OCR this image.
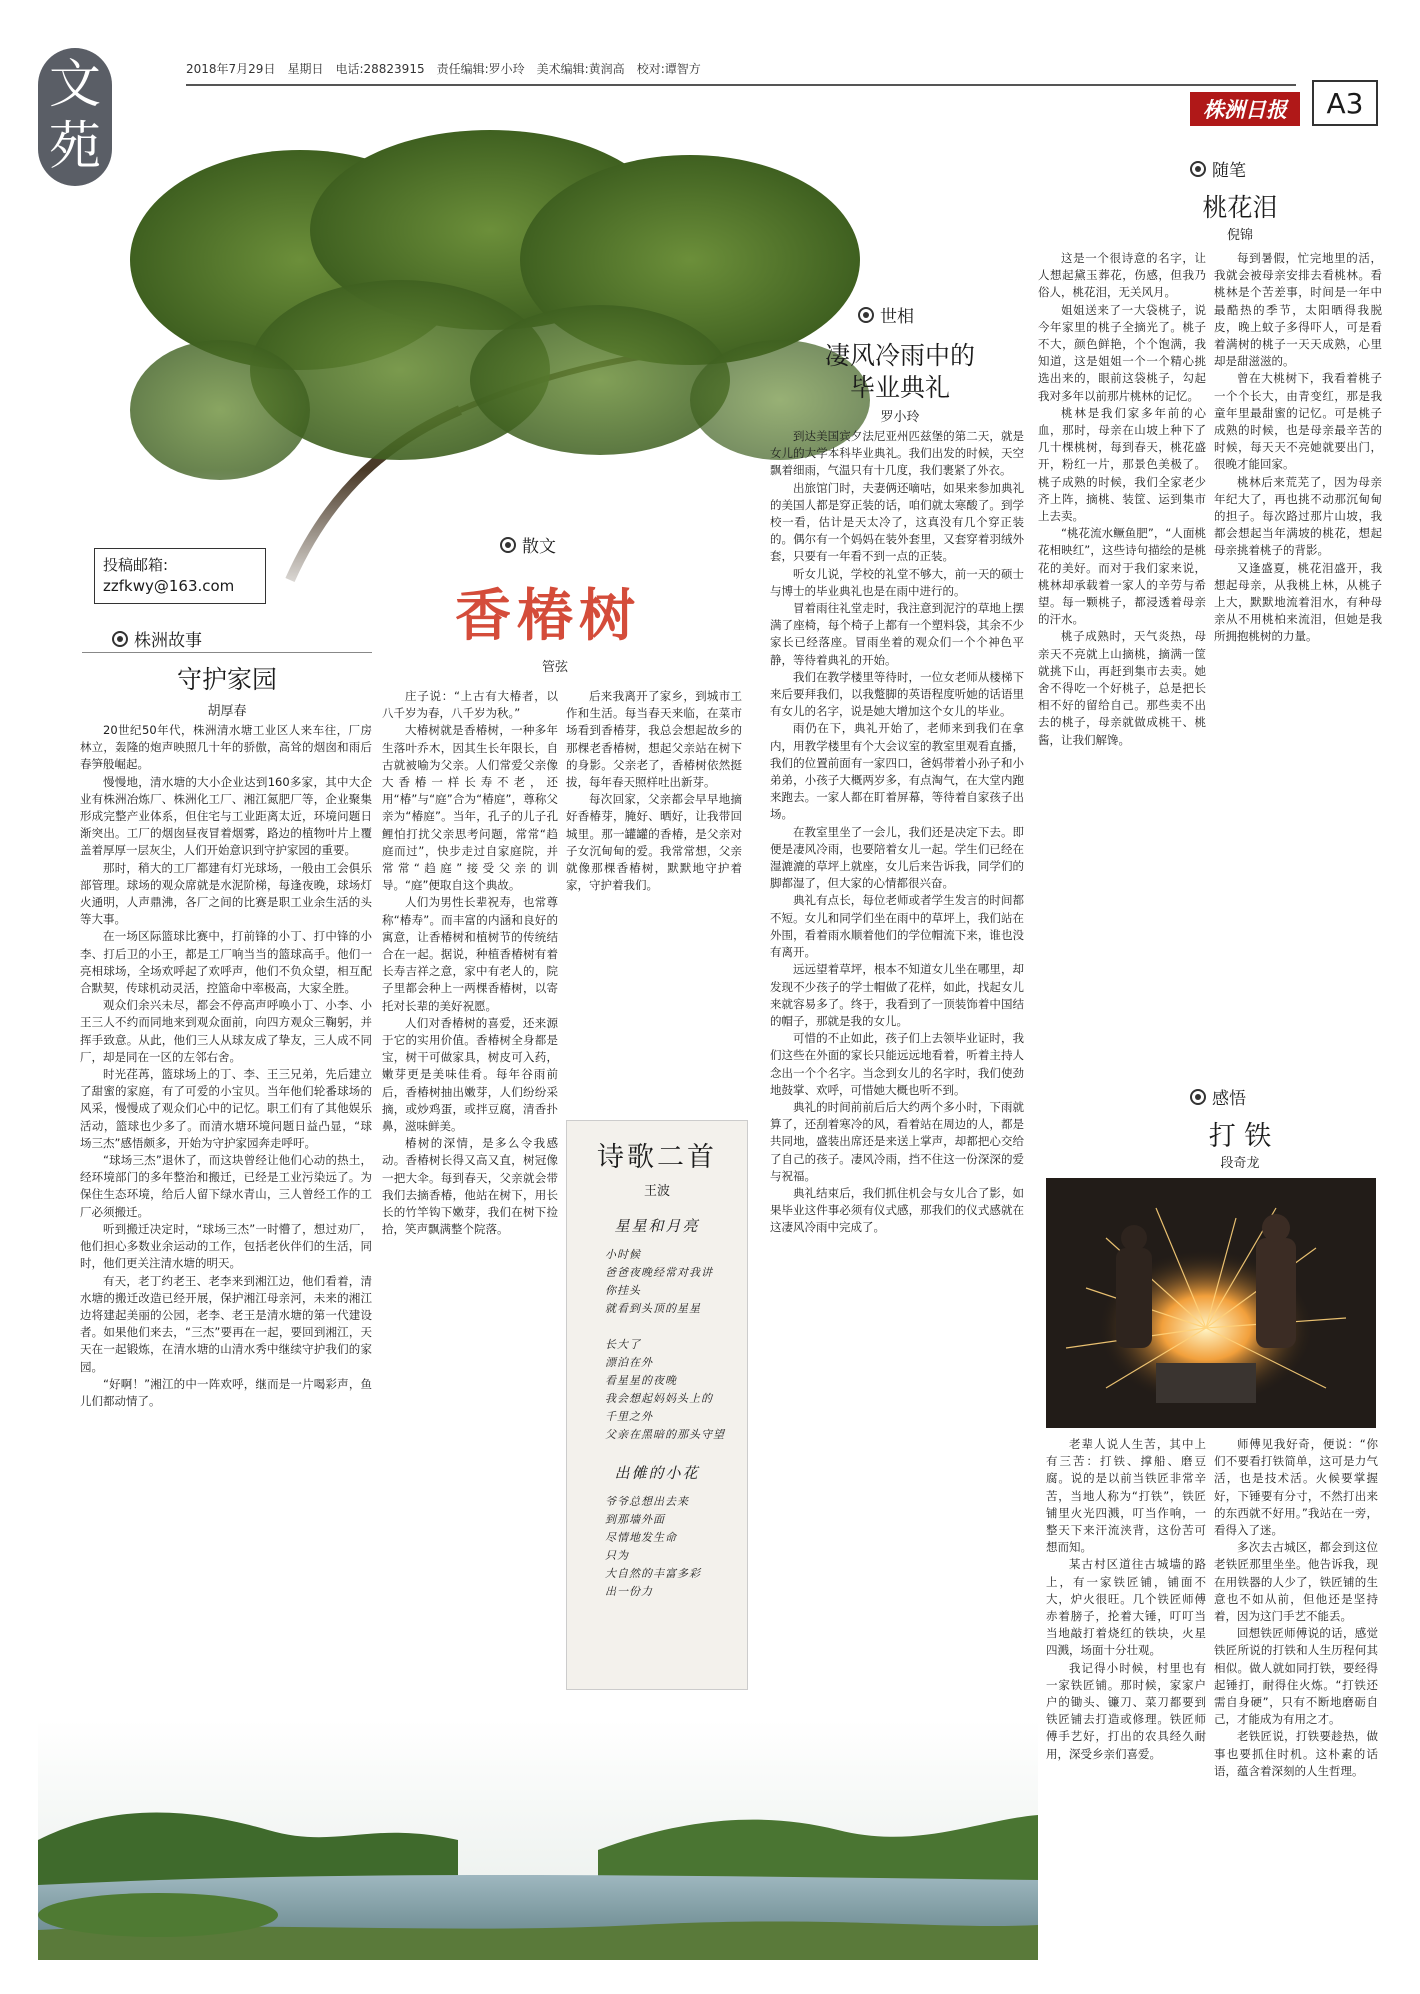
文
苑
2018年7月29日 星期日 电话:28823915 责任编辑:罗小玲 美术编辑:黄润高 校对:谭智方
株洲日报 A3
投稿邮箱:
zzfkwy@163.com
株洲故事
守护家园
胡厚春

20世纪50年代，株洲清水塘工业区人来车往，厂房林立，轰隆的炮声映照几十年的骄傲，高耸的烟囱和雨后春笋般崛起。

慢慢地，清水塘的大小企业达到160多家，其中大企业有株洲冶炼厂、株洲化工厂、湘江氮肥厂等，企业聚集形成完整产业体系，但住宅与工业距离太近，环境问题日渐突出。工厂的烟囱昼夜冒着烟雾，路边的植物叶片上覆盖着厚厚一层灰尘，人们开始意识到守护家园的重要。

那时，稍大的工厂都建有灯光球场，一般由工会俱乐部管理。球场的观众席就是水泥阶梯，每逢夜晚，球场灯火通明，人声鼎沸，各厂之间的比赛是职工业余生活的头等大事。

在一场区际篮球比赛中，打前锋的小丁、打中锋的小李、打后卫的小王，都是工厂响当当的篮球高手。他们一亮相球场，全场欢呼起了欢呼声，他们不负众望，相互配合默契，传球机动灵活，控篮命中率极高，大家全胜。

观众们余兴未尽，都会不停高声呼唤小丁、小李、小王三人不约而同地来到观众面前，向四方观众三鞠躬，并挥手致意。从此，他们三人从球友成了挚友，三人成不同厂，却是同在一区的左邻右舍。

时光荏苒，篮球场上的丁、李、王三兄弟，先后建立了甜蜜的家庭，有了可爱的小宝贝。当年他们轮番球场的风采，慢慢成了观众们心中的记忆。职工们有了其他娱乐活动，篮球也少多了。而清水塘环境问题日益凸显，“球场三杰”感悟颇多，开始为守护家园奔走呼吁。

“球场三杰”退休了，而这块曾经让他们心动的热土，经环境部门的多年整治和搬迁，已经是工业污染远了。为保住生态环境，给后人留下绿水青山，三人曾经工作的工厂必须搬迁。

听到搬迁决定时，“球场三杰”一时懵了，想过劝厂，他们担心多数业余运动的工作，包括老伙伴们的生活，同时，他们更关注清水塘的明天。

有天，老丁约老王、老李来到湘江边，他们看着，清水塘的搬迁改造已经开展，保护湘江母亲河，未来的湘江边将建起美丽的公园，老李、老王是清水塘的第一代建设者。如果他们来去，“三杰”要再在一起，要回到湘江，天天在一起锻炼，在清水塘的山清水秀中继续守护我们的家园。

“好啊！”湘江的中一阵欢呼，继而是一片喝彩声，鱼儿们都动情了。

散文
香椿树
管弦

庄子说：“上古有大椿者，以八千岁为春，八千岁为秋。”

大椿树就是香椿树，一种多年生落叶乔木，因其生长年限长，自古就被喻为父亲。人们常爱父亲像大香椿一样长寿不老，还用“椿”与“庭”合为“椿庭”，尊称父亲为“椿庭”。当年，孔子的儿子孔鲤怕打扰父亲思考问题，常常“趋庭而过”，快步走过自家庭院，并常常“趋庭”接受父亲的训导。“庭”便取自这个典故。

人们为男性长辈祝寿，也常尊称“椿寿”。而丰富的内涵和良好的寓意，让香椿树和植树节的传统结合在一起。据说，种植香椿树有着长寿吉祥之意，家中有老人的，院子里都会种上一两棵香椿树，以寄托对长辈的美好祝愿。

人们对香椿树的喜爱，还来源于它的实用价值。香椿树全身都是宝，树干可做家具，树皮可入药，嫩芽更是美味佳肴。每年谷雨前后，香椿树抽出嫩芽，人们纷纷采摘，或炒鸡蛋，或拌豆腐，清香扑鼻，滋味鲜美。

椿树的深情，是多么令我感动。香椿树长得又高又直，树冠像一把大伞。每到春天，父亲就会带我们去摘香椿，他站在树下，用长长的竹竿钩下嫩芽，我们在树下捡拾，笑声飘满整个院落。

后来我离开了家乡，到城市工作和生活。每当春天来临，在菜市场看到香椿芽，我总会想起故乡的那棵老香椿树，想起父亲站在树下的身影。父亲老了，香椿树依然挺拔，每年春天照样吐出新芽。

每次回家，父亲都会早早地摘好香椿芽，腌好、晒好，让我带回城里。那一罐罐的香椿，是父亲对子女沉甸甸的爱。我常常想，父亲就像那棵香椿树，默默地守护着家，守护着我们。

诗歌二首
王波
星星和月亮
小时候
爸爸夜晚经常对我讲
你挂头
就看到头顶的星星
长大了
漂泊在外
看星星的夜晚
我会想起妈妈头上的
千里之外
父亲在黑暗的那头守望
出傩的小花
爷爷总想出去来
到那墙外面
尽情地发生命
只为
大自然的丰富多彩
出一份力
世相
凄风冷雨中的
毕业典礼
罗小玲

到达美国宾夕法尼亚州匹兹堡的第二天，就是女儿的大学本科毕业典礼。我们出发的时候，天空飘着细雨，气温只有十几度，我们裹紧了外衣。

出旅馆门时，夫妻俩还嘀咕，如果来参加典礼的美国人都是穿正装的话，咱们就太寒酸了。到学校一看，估计是天太冷了，这真没有几个穿正装的。偶尔有一个妈妈在装外套里，又套穿着羽绒外套，只要有一年看不到一点的正装。

听女儿说，学校的礼堂不够大，前一天的硕士与博士的毕业典礼也是在雨中进行的。

冒着雨往礼堂走时，我注意到泥泞的草地上摆满了座椅，每个椅子上都有一个塑料袋，其余不少家长已经落座。冒雨坐着的观众们一个个神色平静，等待着典礼的开始。

我们在教学楼里等待时，一位女老师从楼梯下来后要拜我们，以我蹩脚的英语程度听她的话语里有女儿的名字，说是她大增加这个女儿的毕业。

雨仍在下，典礼开始了，老师来到我们在拿内，用教学楼里有个大会议室的教室里观看直播，我们的位置前面有一家四口，爸妈带着小孙子和小弟弟，小孩子大概两岁多，有点淘气，在大堂内跑来跑去。一家人都在盯着屏幕，等待着自家孩子出场。

在教室里坐了一会儿，我们还是决定下去。即便是凄风冷雨，也要陪着女儿一起。学生们已经在湿漉漉的草坪上就座，女儿后来告诉我，同学们的脚都湿了，但大家的心情都很兴奋。

典礼有点长，每位老师或者学生发言的时间都不短。女儿和同学们坐在雨中的草坪上，我们站在外围，看着雨水顺着他们的学位帽流下来，谁也没有离开。

远远望着草坪，根本不知道女儿坐在哪里，却发现不少孩子的学士帽做了花样，如此，找起女儿来就容易多了。终于，我看到了一顶装饰着中国结的帽子，那就是我的女儿。

可惜的不止如此，孩子们上去领毕业证时，我们这些在外面的家长只能远远地看着，听着主持人念出一个个名字。当念到女儿的名字时，我们使劲地鼓掌、欢呼，可惜她大概也听不到。

典礼的时间前前后后大约两个多小时，下雨就算了，还刮着寒冷的风，看着站在周边的人，都是共同地，盛装出席还是来送上掌声，却都把心交给了自己的孩子。凄风冷雨，挡不住这一份深深的爱与祝福。

典礼结束后，我们抓住机会与女儿合了影，如果毕业这件事必须有仪式感，那我们的仪式感就在这凄风冷雨中完成了。

随笔
桃花泪
倪锦

这是一个很诗意的名字，让人想起黛玉葬花，伤感，但我乃俗人，桃花泪，无关风月。

姐姐送来了一大袋桃子，说今年家里的桃子全摘光了。桃子不大，颜色鲜艳，个个饱满，我知道，这是姐姐一个一个精心挑选出来的，眼前这袋桃子，勾起我对多年以前那片桃林的记忆。

桃林是我们家多年前的心血，那时，母亲在山坡上种下了几十棵桃树，每到春天，桃花盛开，粉红一片，那景色美极了。桃子成熟的时候，我们全家老少齐上阵，摘桃、装筐、运到集市上去卖。

“桃花流水鳜鱼肥”，“人面桃花相映红”，这些诗句描绘的是桃花的美好。而对于我们家来说，桃林却承载着一家人的辛劳与希望。每一颗桃子，都浸透着母亲的汗水。

桃子成熟时，天气炎热，母亲天不亮就上山摘桃，摘满一筐就挑下山，再赶到集市去卖。她舍不得吃一个好桃子，总是把长相不好的留给自己。那些卖不出去的桃子，母亲就做成桃干、桃酱，让我们解馋。

每到暑假，忙完地里的活，我就会被母亲安排去看桃林。看桃林是个苦差事，时间是一年中最酷热的季节，太阳晒得我脱皮，晚上蚊子多得吓人，可是看着满树的桃子一天天成熟，心里却是甜滋滋的。

曾在大桃树下，我看着桃子一个个长大，由青变红，那是我童年里最甜蜜的记忆。可是桃子成熟的时候，也是母亲最辛苦的时候，每天天不亮她就要出门，很晚才能回家。

桃林后来荒芜了，因为母亲年纪大了，再也挑不动那沉甸甸的担子。每次路过那片山坡，我都会想起当年满坡的桃花，想起母亲挑着桃子的背影。

又逢盛夏，桃花泪盛开，我想起母亲，从我桃上林，从桃子上大，默默地流着泪水，有种母亲从不用桃柏来流泪，但她是我所拥抱桃树的力量。

感悟
打 铁
段奇龙

老辈人说人生苦，其中上有三苦：打铁、撑船、磨豆腐。说的是以前当铁匠非常辛苦，当地人称为“打铁”，铁匠铺里火光四溅，叮当作响，一整天下来汗流浃背，这份苦可想而知。

某古村区道往古城墙的路上，有一家铁匠铺，铺面不大，炉火很旺。几个铁匠师傅赤着膀子，抡着大锤，叮叮当当地敲打着烧红的铁块，火星四溅，场面十分壮观。

我记得小时候，村里也有一家铁匠铺。那时候，家家户户的锄头、镰刀、菜刀都要到铁匠铺去打造或修理。铁匠师傅手艺好，打出的农具经久耐用，深受乡亲们喜爱。

师傅见我好奇，便说：“你们不要看打铁简单，这可是力气活，也是技术活。火候要掌握好，下锤要有分寸，不然打出来的东西就不好用。”我站在一旁，看得入了迷。

多次去古城区，都会到这位老铁匠那里坐坐。他告诉我，现在用铁器的人少了，铁匠铺的生意也不如从前，但他还是坚持着，因为这门手艺不能丢。

回想铁匠师傅说的话，感觉铁匠所说的打铁和人生历程何其相似。做人就如同打铁，要经得起锤打，耐得住火炼。“打铁还需自身硬”，只有不断地磨砺自己，才能成为有用之才。

老铁匠说，打铁要趁热，做事也要抓住时机。这朴素的话语，蕴含着深刻的人生哲理。
